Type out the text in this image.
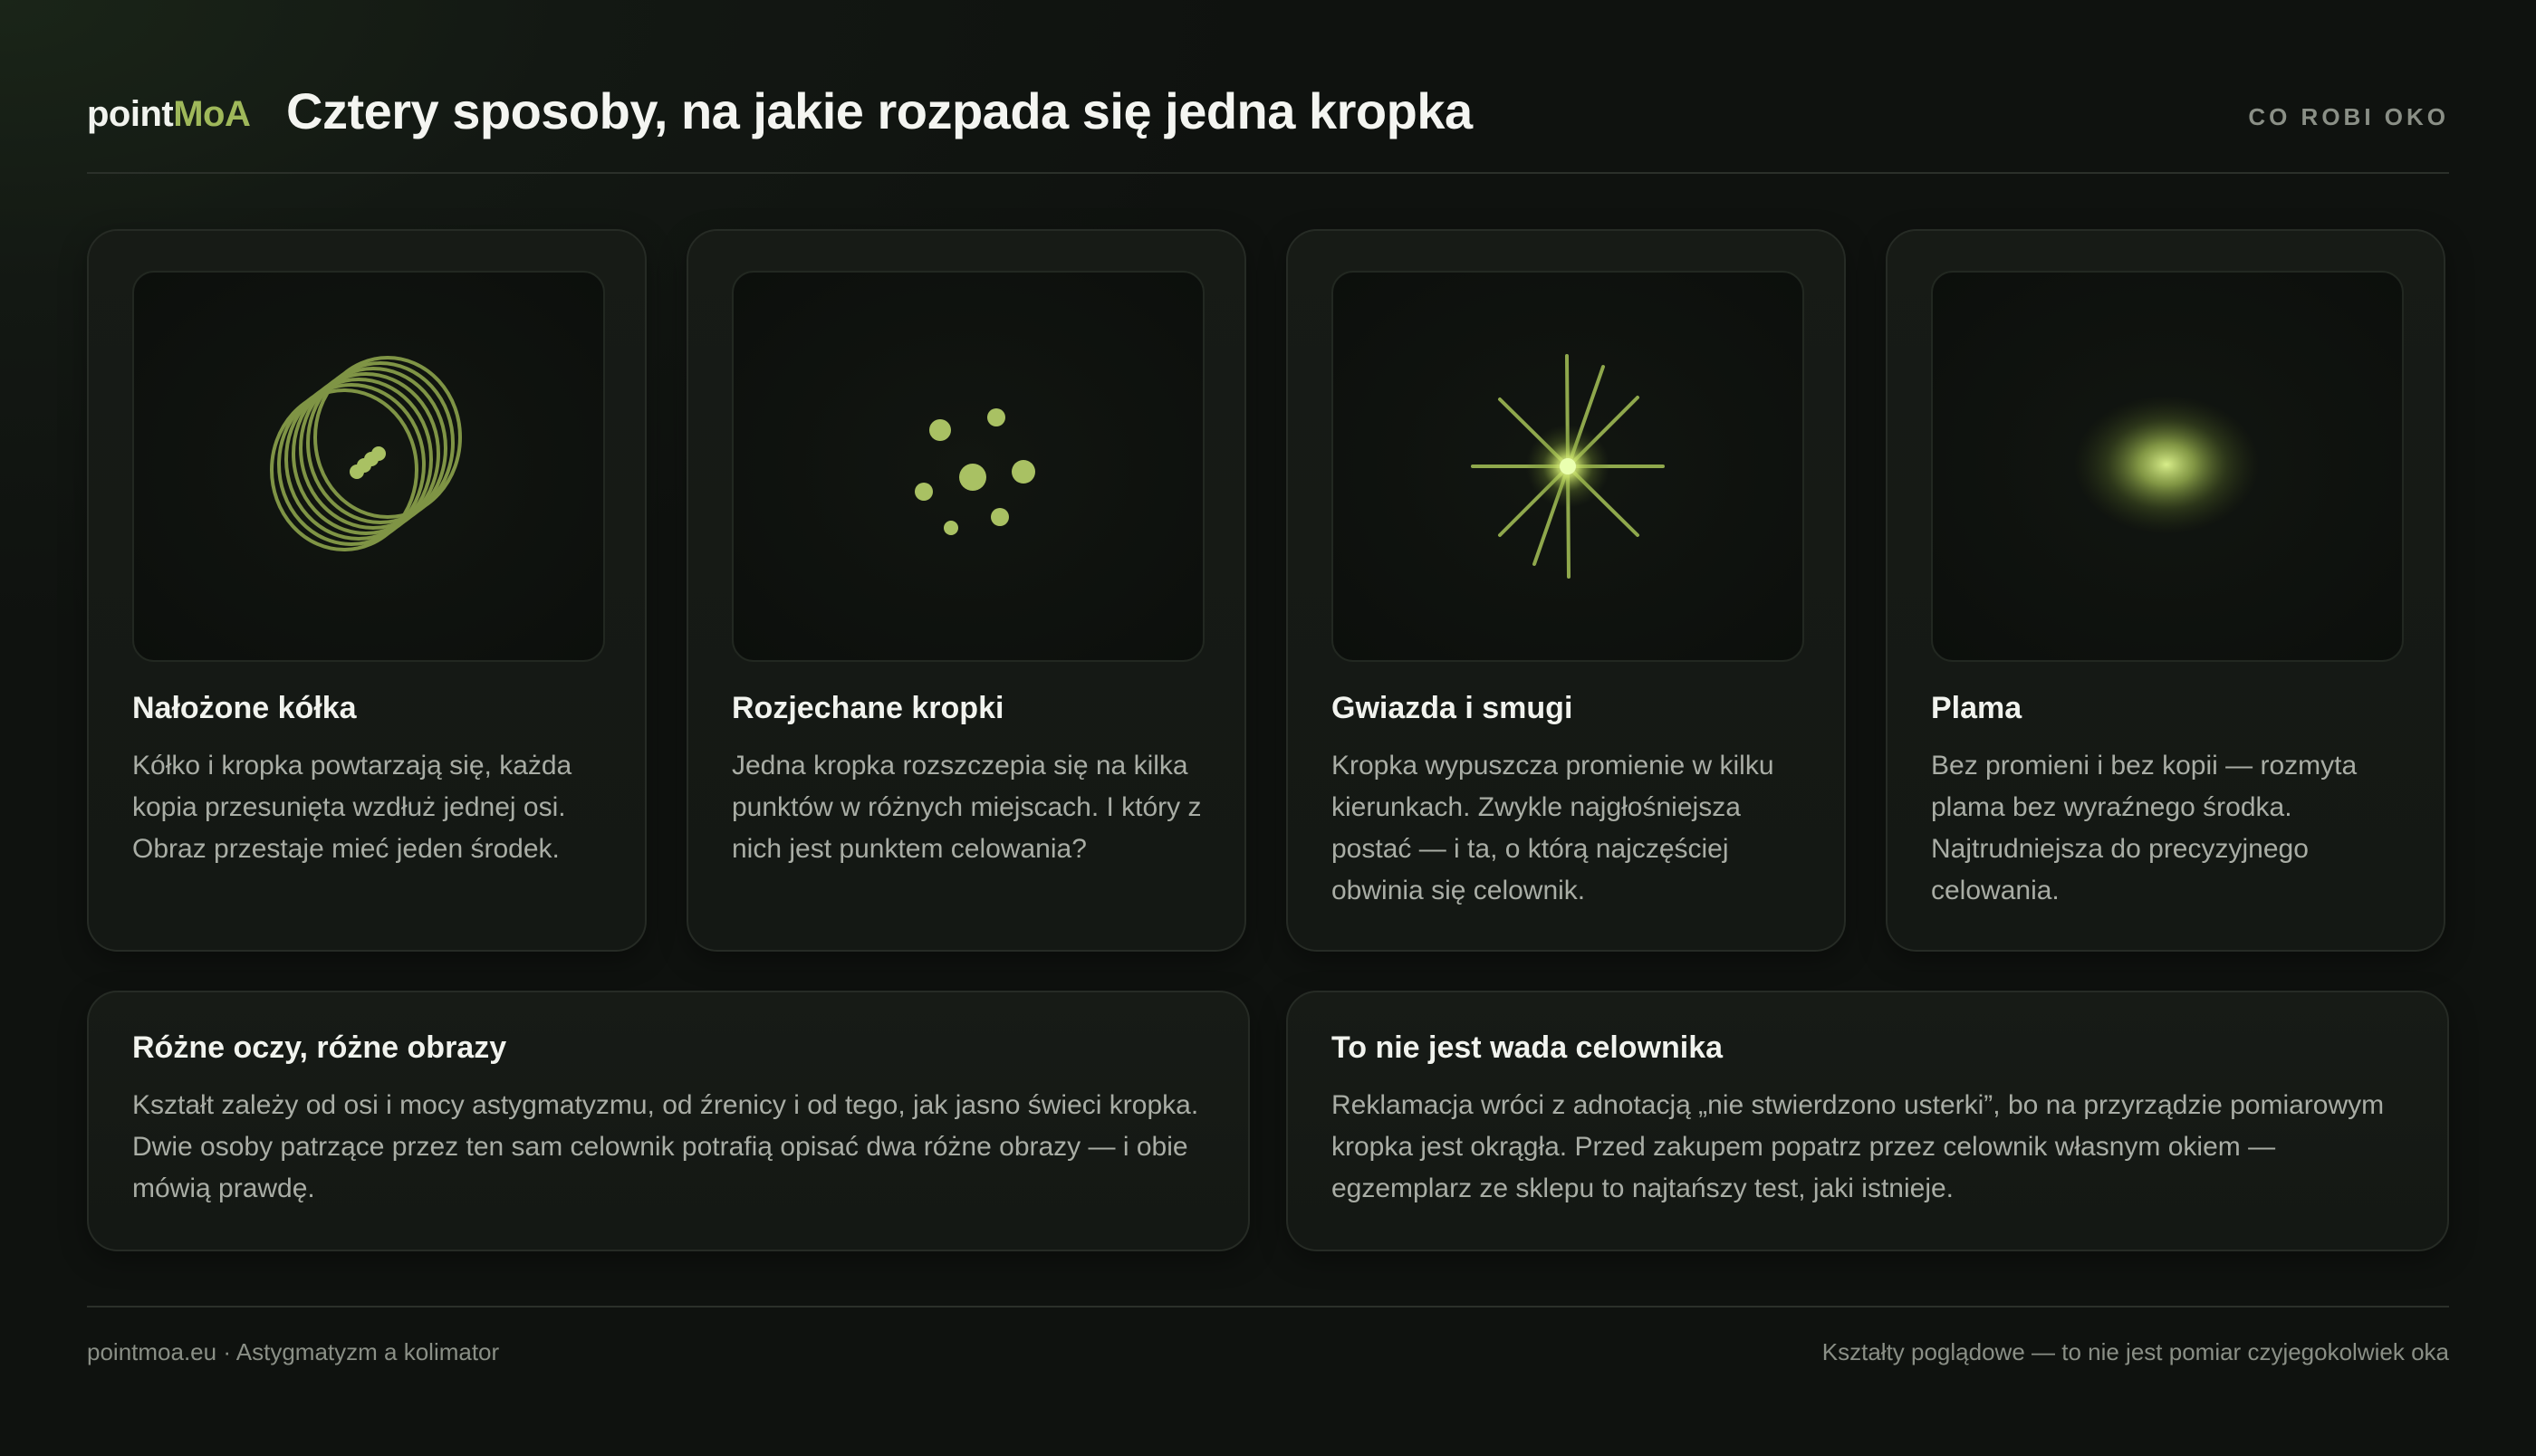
pointMoA Cztery sposoby, na jakie rozpada się jedna kropka	CO ROBI OKO
Nałożone kółka

Kółko i kropka powtarzają się, każda kopia przesunięta wzdłuż jednej osi. Obraz przestaje mieć jeden środek.

Rozjechane kropki

Jedna kropka rozszczepia się na kilka punktów w różnych miejscach. I który z nich jest punktem celowania?

Gwiazda i smugi

Kropka wypuszcza promienie w kilku kierunkach. Zwykle najgłośniejsza postać — i ta, o którą najczęściej obwinia się celownik.

Plama

Bez promieni i bez kopii — rozmyta plama bez wyraźnego środka. Najtrudniejsza do precyzyjnego celowania.

Różne oczy, różne obrazy

Kształt zależy od osi i mocy astygmatyzmu, od źrenicy i od tego, jak jasno świeci kropka. Dwie osoby patrzące przez ten sam celownik potrafią opisać dwa różne obrazy — i obie mówią prawdę.

To nie jest wada celownika

Reklamacja wróci z adnotacją „nie stwierdzono usterki”, bo na przyrządzie pomiarowym kropka jest okrągła. Przed zakupem popatrz przez celownik własnym okiem — egzemplarz ze sklepu to najtańszy test, jaki istnieje.

pointmoa.eu · Astygmatyzm a kolimator	Kształty poglądowe — to nie jest pomiar czyjegokolwiek oka
